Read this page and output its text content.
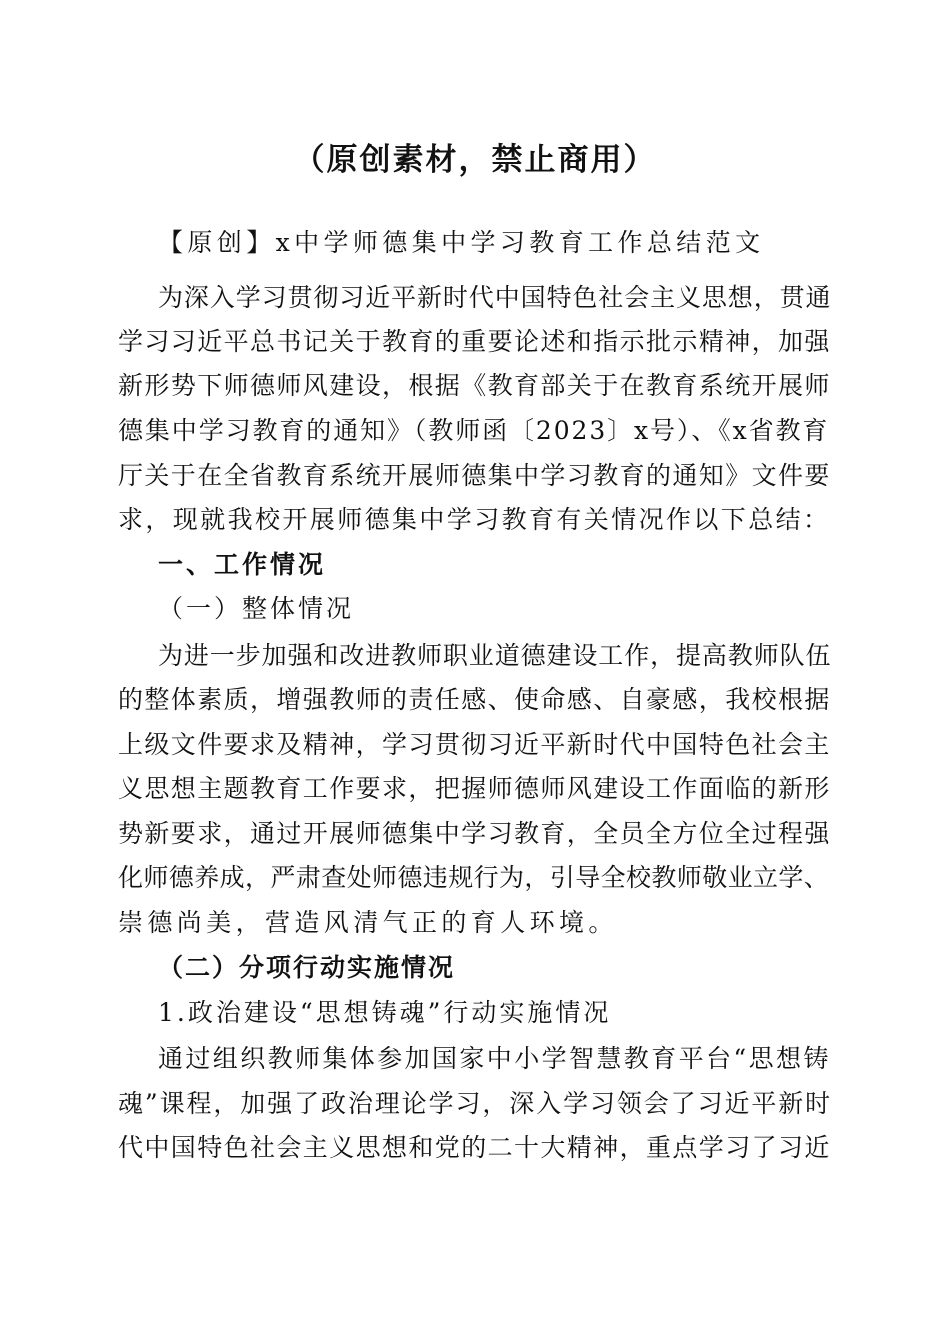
（原创素材，禁止商用）
【原创】x中学师德集中学习教育工作总结范文
为深入学习贯彻习近平新时代中国特色社会主义思想，贯通
学习习近平总书记关于教育的重要论述和指示批示精神，加强
新形势下师德师风建设，根据《教育部关于在教育系统开展师
德集中学习教育的通知》（教师函〔2023〕x号）、《x省教育
厅关于在全省教育系统开展师德集中学习教育的通知》文件要
求，现就我校开展师德集中学习教育有关情况作以下总结：
一、工作情况
（一）整体情况
为进一步加强和改进教师职业道德建设工作，提高教师队伍
的整体素质，增强教师的责任感、使命感、自豪感，我校根据
上级文件要求及精神，学习贯彻习近平新时代中国特色社会主
义思想主题教育工作要求，把握师德师风建设工作面临的新形
势新要求，通过开展师德集中学习教育，全员全方位全过程强
化师德养成，严肃查处师德违规行为，引导全校教师敬业立学、
崇德尚美，营造风清气正的育人环境。
（二）分项行动实施情况
1.政治建设“思想铸魂”行动实施情况
通过组织教师集体参加国家中小学智慧教育平台“思想铸
魂”课程，加强了政治理论学习，深入学习领会了习近平新时
代中国特色社会主义思想和党的二十大精神，重点学习了习近
